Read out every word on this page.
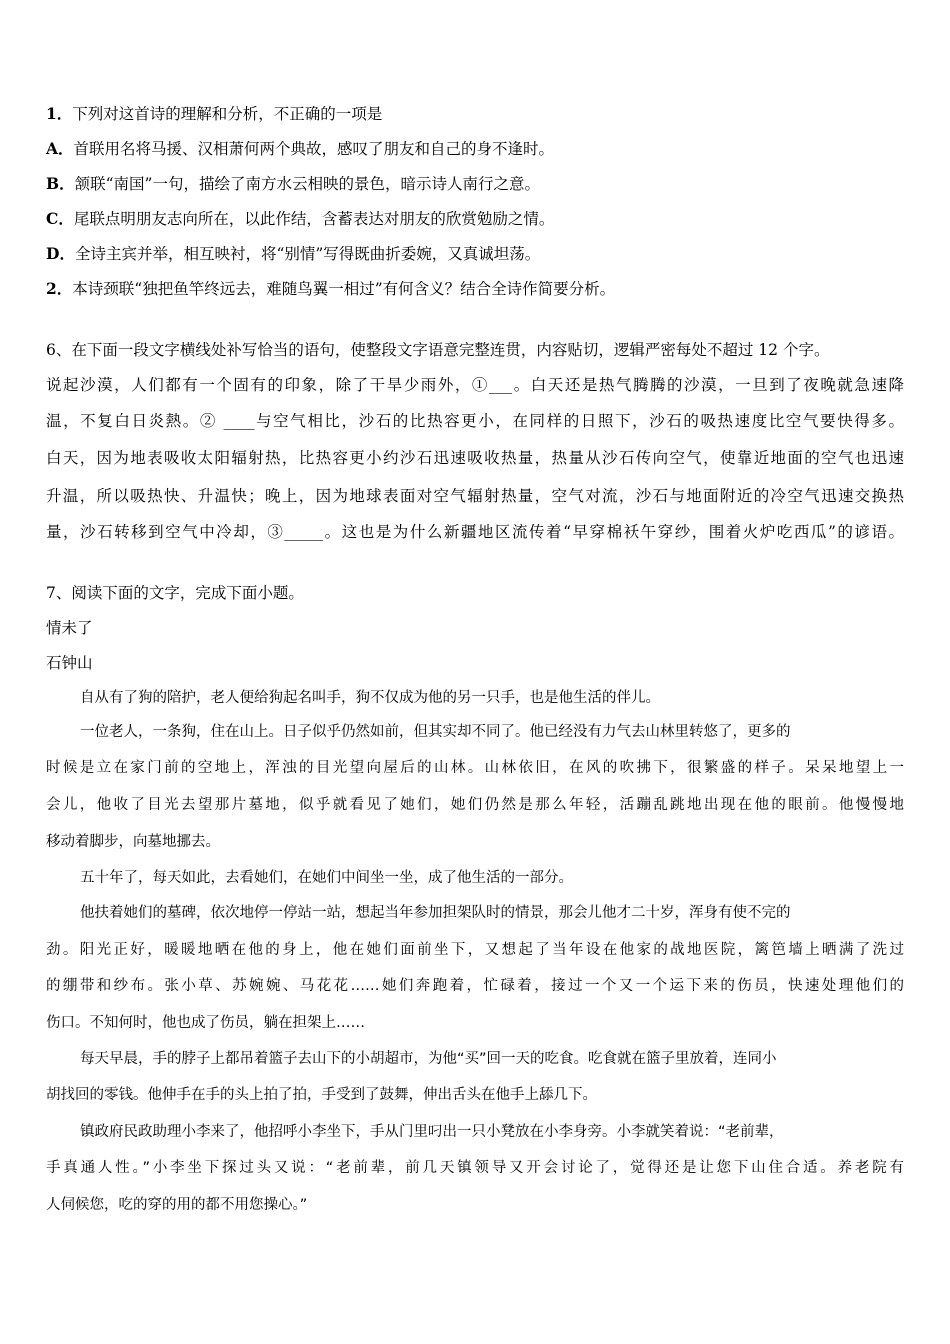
1．下列对这首诗的理解和分析，不正确的一项是
A．首联用名将马援、汉相萧何两个典故，感叹了朋友和自己的身不逢时。
B．颔联“南国”一句，描绘了南方水云相映的景色，暗示诗人南行之意。
C．尾联点明朋友志向所在，以此作结，含蓄表达对朋友的欣赏勉励之情。
D．全诗主宾并举，相互映衬，将“别情”写得既曲折委婉，又真诚坦荡。
2．本诗颈联“独把鱼竿终远去，难随鸟翼一相过”有何含义？结合全诗作简要分析。
6、在下面一段文字横线处补写恰当的语句，使整段文字语意完整连贯，内容贴切，逻辑严密每处不超过 12 个字。
说起沙漠，人们都有一个固有的印象，除了干旱少雨外，①___。白天还是热气腾腾的沙漠，一旦到了夜晚就急速降
温，不复白日炎熱。② ____与空气相比，沙石的比热容更小，在同样的日照下，沙石的吸热速度比空气要快得多。
白天，因为地表吸收太阳辐射热，比热容更小约沙石迅速吸收热量，热量从沙石传向空气，使靠近地面的空气也迅速
升温，所以吸热快、升温快；晚上，因为地球表面对空气辐射热量，空气对流，沙石与地面附近的冷空气迅速交换热
量，沙石转移到空气中冷却，③_____。这也是为什么新疆地区流传着“早穿棉袄午穿纱，围着火炉吃西瓜”的谚语。
7、阅读下面的文字，完成下面小题。
情未了
石钟山
自从有了狗的陪护，老人便给狗起名叫手，狗不仅成为他的另一只手，也是他生活的伴儿。
一位老人，一条狗，住在山上。日子似乎仍然如前，但其实却不同了。他已经没有力气去山林里转悠了，更多的
时候是立在家门前的空地上，浑浊的目光望向屋后的山林。山林依旧，在风的吹拂下，很繁盛的样子。呆呆地望上一
会儿，他收了目光去望那片墓地，似乎就看见了她们，她们仍然是那么年轻，活蹦乱跳地出现在他的眼前。他慢慢地
移动着脚步，向墓地挪去。
五十年了，每天如此，去看她们，在她们中间坐一坐，成了他生活的一部分。
他扶着她们的墓碑，依次地停一停站一站，想起当年参加担架队时的情景，那会儿他才二十岁，浑身有使不完的
劲。阳光正好，暖暖地晒在他的身上，他在她们面前坐下，又想起了当年设在他家的战地医院，篱笆墙上晒满了洗过
的绷带和纱布。张小草、苏婉婉、马花花……她们奔跑着，忙碌着，接过一个又一个运下来的伤员，快速处理他们的
伤口。不知何时，他也成了伤员，躺在担架上……
每天早晨，手的脖子上都吊着篮子去山下的小胡超市，为他“买”回一天的吃食。吃食就在篮子里放着，连同小
胡找回的零钱。他伸手在手的头上拍了拍，手受到了鼓舞，伸出舌头在他手上舔几下。
镇政府民政助理小李来了，他招呼小李坐下，手从门里叼出一只小凳放在小李身旁。小李就笑着说：“老前辈，
手真通人性。”小李坐下探过头又说：“老前辈，前几天镇领导又开会讨论了，觉得还是让您下山住合适。养老院有
人伺候您，吃的穿的用的都不用您操心。”
